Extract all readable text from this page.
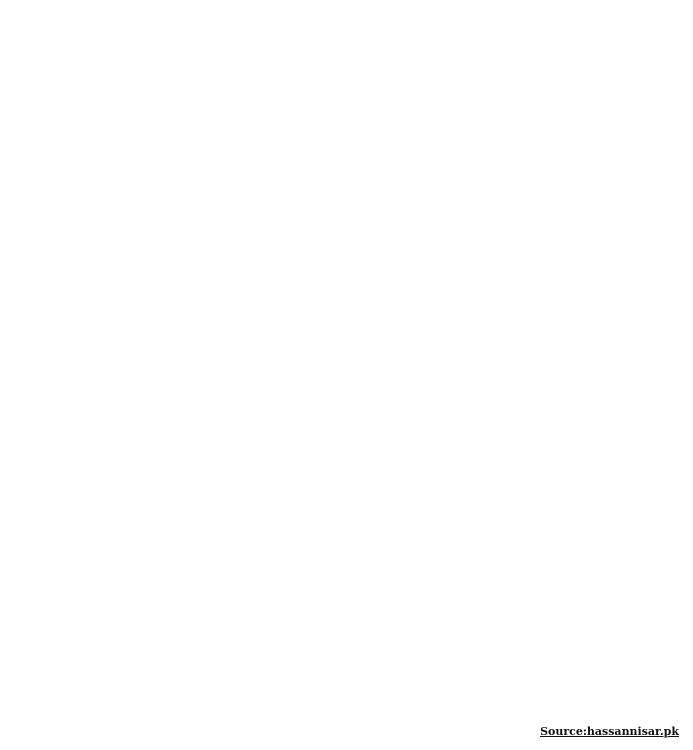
Source:hassannisar.pk
